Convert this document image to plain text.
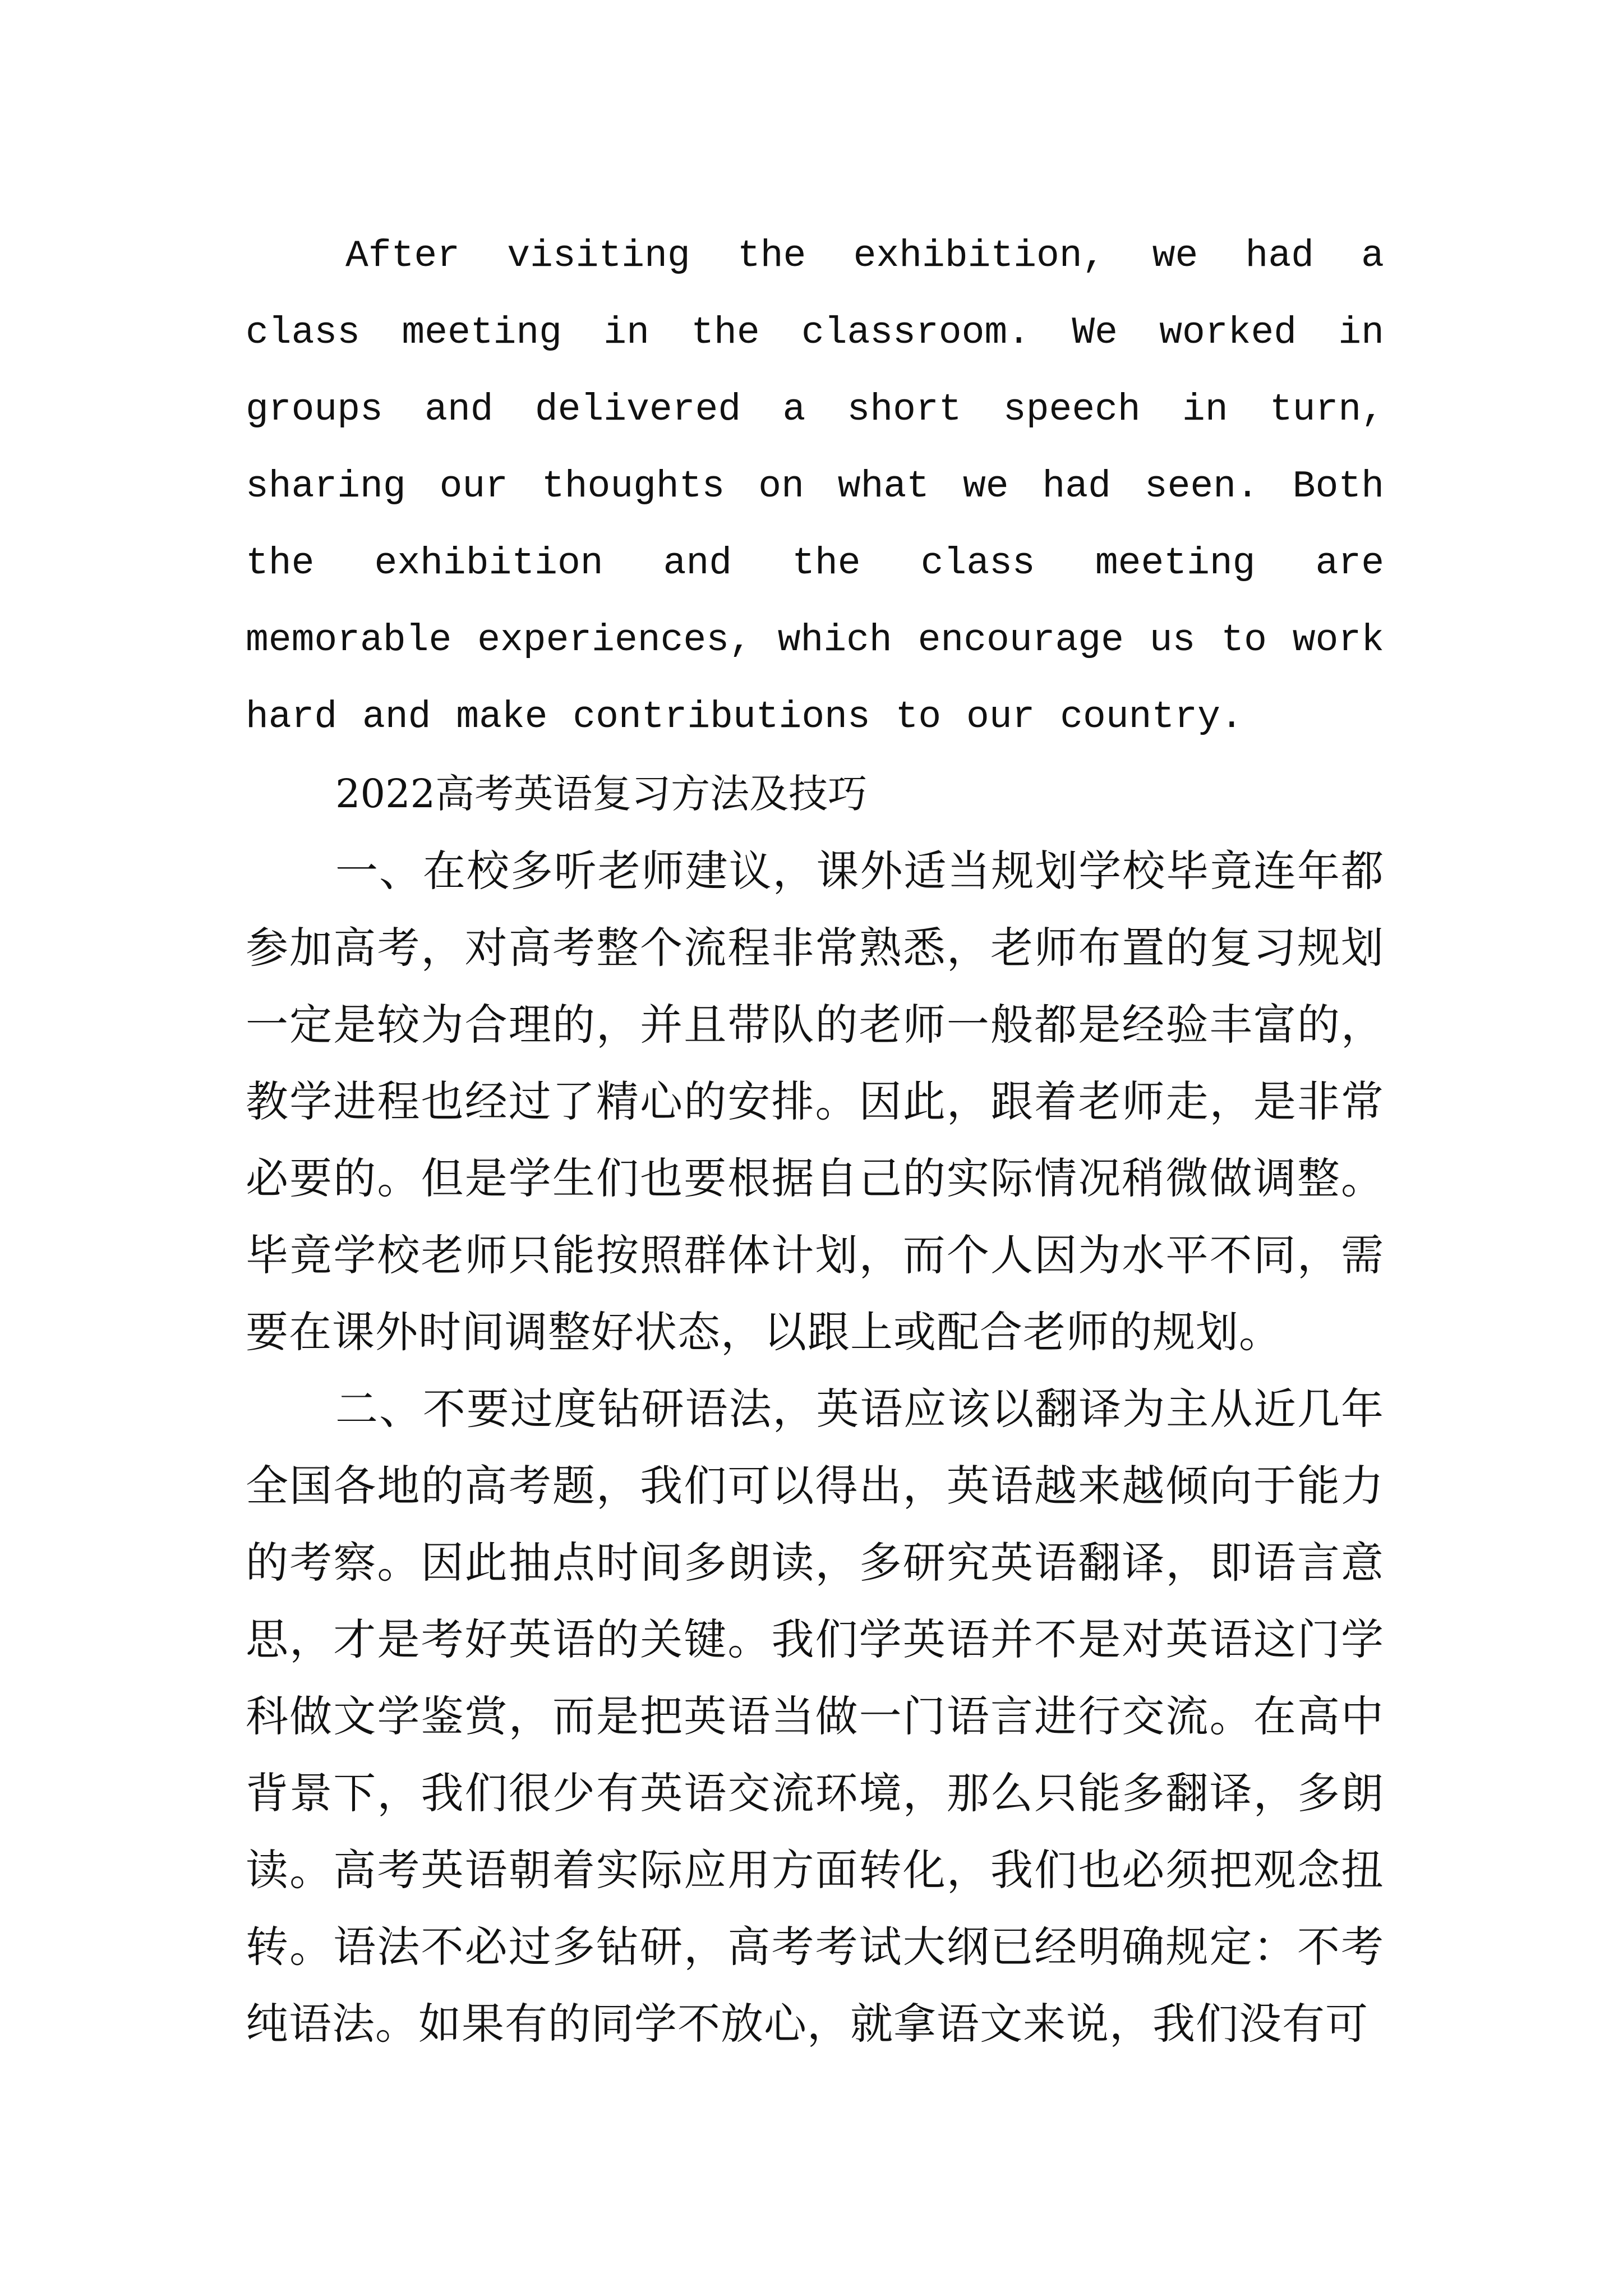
After visiting the exhibition, we had a class meeting in the classroom. We worked in groups and delivered a short speech in turn, sharing our thoughts on what we had seen. Both the exhibition and the class meeting are memorable experiences, which encourage us to work hard and make contributions to our country.

2022高考英语复习方法及技巧

一、在校多听老师建议，课外适当规划学校毕竟连年都参加高考，对高考整个流程非常熟悉，老师布置的复习规划一定是较为合理的，并且带队的老师一般都是经验丰富的，教学进程也经过了精心的安排。因此，跟着老师走，是非常必要的。但是学生们也要根据自己的实际情况稍微做调整。毕竟学校老师只能按照群体计划，而个人因为水平不同，需要在课外时间调整好状态，以跟上或配合老师的规划。

二、不要过度钻研语法，英语应该以翻译为主从近几年全国各地的高考题，我们可以得出，英语越来越倾向于能力的考察。因此抽点时间多朗读，多研究英语翻译，即语言意思，才是考好英语的关键。我们学英语并不是对英语这门学科做文学鉴赏，而是把英语当做一门语言进行交流。在高中背景下，我们很少有英语交流环境，那么只能多翻译，多朗读。高考英语朝着实际应用方面转化，我们也必须把观念扭转。语法不必过多钻研，高考考试大纲已经明确规定：不考纯语法。如果有的同学不放心，就拿语文来说，我们没有可
